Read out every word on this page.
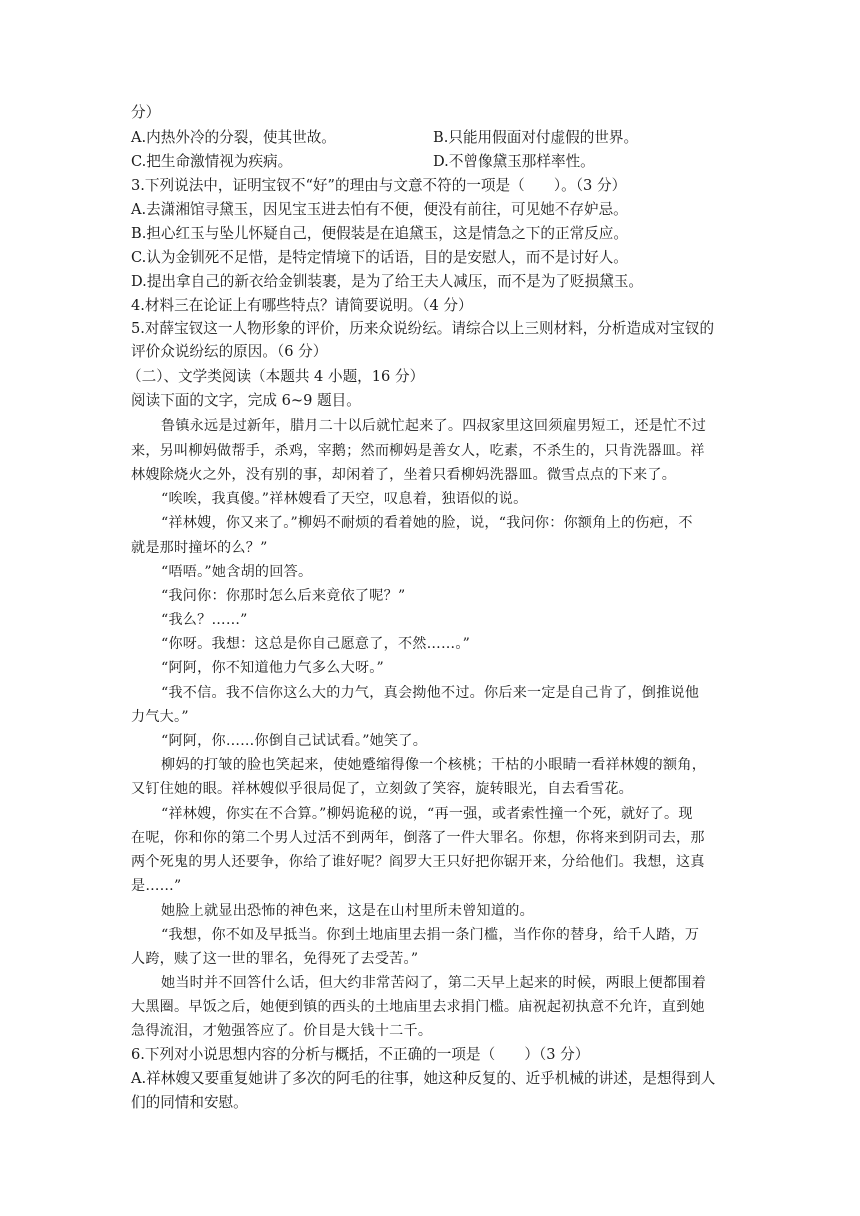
分）
A.内热外冷的分裂，使其世故。	B.只能用假面对付虚假的世界。
C.把生命激情视为疾病。	D.不曾像黛玉那样率性。
3.下列说法中，证明宝钗不“好”的理由与文意不符的一项是（　　）。（3 分）
A.去潇湘馆寻黛玉，因见宝玉进去怕有不便，便没有前往，可见她不存妒忌。
B.担心红玉与坠儿怀疑自己，便假装是在追黛玉，这是情急之下的正常反应。
C.认为金钏死不足惜，是特定情境下的话语，目的是安慰人，而不是讨好人。
D.提出拿自己的新衣给金钏装裹，是为了给王夫人减压，而不是为了贬损黛玉。
4.材料三在论证上有哪些特点？请简要说明。（4 分）
5.对薛宝钗这一人物形象的评价，历来众说纷纭。请综合以上三则材料，分析造成对宝钗的
评价众说纷纭的原因。（6 分）
（二）、文学类阅读（本题共 4 小题，16 分）
阅读下面的文字，完成 6~9 题目。
鲁镇永远是过新年，腊月二十以后就忙起来了。四叔家里这回须雇男短工，还是忙不过
来，另叫柳妈做帮手，杀鸡，宰鹅；然而柳妈是善女人，吃素，不杀生的，只肯洗器皿。祥
林嫂除烧火之外，没有别的事，却闲着了，坐着只看柳妈洗器皿。微雪点点的下来了。
“唉唉，我真傻。”祥林嫂看了天空，叹息着，独语似的说。
“祥林嫂，你又来了。”柳妈不耐烦的看着她的脸，说，“我问你：你额角上的伤疤，不
就是那时撞坏的么？”
“唔唔。”她含胡的回答。
“我问你：你那时怎么后来竟依了呢？”
“我么？……”
“你呀。我想：这总是你自己愿意了，不然……。”
“阿阿，你不知道他力气多么大呀。”
“我不信。我不信你这么大的力气，真会拗他不过。你后来一定是自己肯了，倒推说他
力气大。”
“阿阿，你……你倒自己试试看。”她笑了。
柳妈的打皱的脸也笑起来，使她蹙缩得像一个核桃；干枯的小眼睛一看祥林嫂的额角，
又钉住她的眼。祥林嫂似乎很局促了，立刻敛了笑容，旋转眼光，自去看雪花。
“祥林嫂，你实在不合算。”柳妈诡秘的说，“再一强，或者索性撞一个死，就好了。现
在呢，你和你的第二个男人过活不到两年，倒落了一件大罪名。你想，你将来到阴司去，那
两个死鬼的男人还要争，你给了谁好呢？阎罗大王只好把你锯开来，分给他们。我想，这真
是……”
她脸上就显出恐怖的神色来，这是在山村里所未曾知道的。
“我想，你不如及早抵当。你到土地庙里去捐一条门槛，当作你的替身，给千人踏，万
人跨，赎了这一世的罪名，免得死了去受苦。”
她当时并不回答什么话，但大约非常苦闷了，第二天早上起来的时候，两眼上便都围着
大黑圈。早饭之后，她便到镇的西头的土地庙里去求捐门槛。庙祝起初执意不允许，直到她
急得流泪，才勉强答应了。价目是大钱十二千。
6.下列对小说思想内容的分析与概括，不正确的一项是（　　）（3 分）
A.祥林嫂又要重复她讲了多次的阿毛的往事，她这种反复的、近乎机械的讲述，是想得到人
们的同情和安慰。
